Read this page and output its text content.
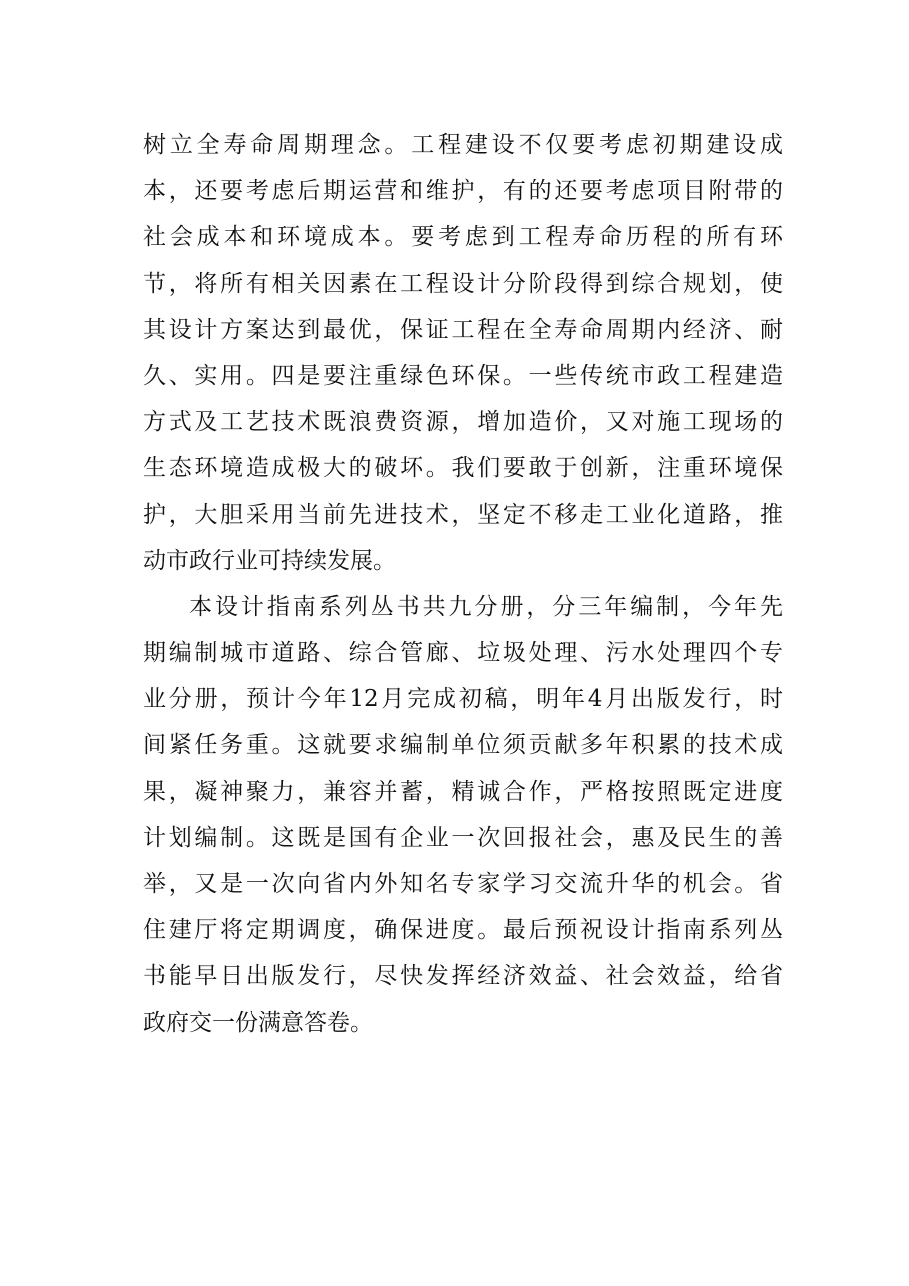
树立全寿命周期理念。工程建设不仅要考虑初期建设成
本，还要考虑后期运营和维护，有的还要考虑项目附带的
社会成本和环境成本。要考虑到工程寿命历程的所有环
节，将所有相关因素在工程设计分阶段得到综合规划，使
其设计方案达到最优，保证工程在全寿命周期内经济、耐
久、实用。四是要注重绿色环保。一些传统市政工程建造
方式及工艺技术既浪费资源，增加造价，又对施工现场的
生态环境造成极大的破坏。我们要敢于创新，注重环境保
护，大胆采用当前先进技术，坚定不移走工业化道路，推
动市政行业可持续发展。
本设计指南系列丛书共九分册，分三年编制，今年先
期编制城市道路、综合管廊、垃圾处理、污水处理四个专
业分册，预计今年12月完成初稿，明年4月出版发行，时
间紧任务重。这就要求编制单位须贡献多年积累的技术成
果，凝神聚力，兼容并蓄，精诚合作，严格按照既定进度
计划编制。这既是国有企业一次回报社会，惠及民生的善
举，又是一次向省内外知名专家学习交流升华的机会。省
住建厅将定期调度，确保进度。最后预祝设计指南系列丛
书能早日出版发行，尽快发挥经济效益、社会效益，给省
政府交一份满意答卷。
